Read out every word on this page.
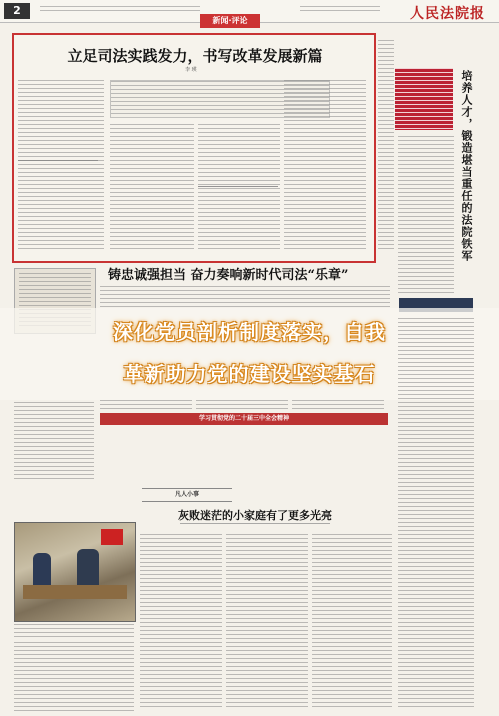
2	人民法院报
新闻·评论
立足司法实践发力，书写改革发展新篇
李 瑛	培养人才，锻造堪当重任的法院铁军
铸忠诚强担当 奋力奏响新时代司法“乐章”
深化党员剖析制度落实，自我
革新助力党的建设坚实基石
学习贯彻党的二十届三中全会精神
凡人小事
灰败迷茫的小家庭有了更多光亮
